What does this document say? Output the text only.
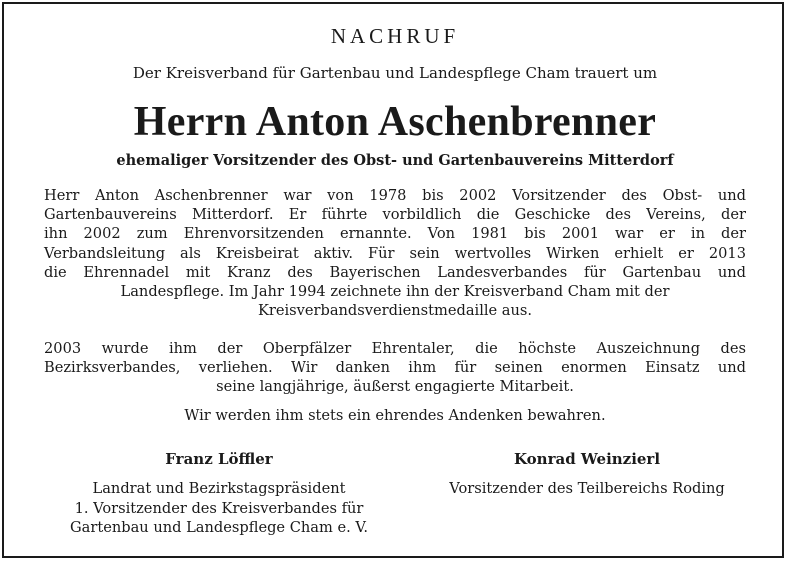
NACHRUF
Der Kreisverband für Gartenbau und Landespflege Cham trauert um
Herrn Anton Aschenbrenner
ehemaliger Vorsitzender des Obst- und Gartenbauvereins Mitterdorf
Herr Anton Aschenbrenner war von 1978 bis 2002 Vorsitzender des Obst- und
Gartenbauvereins Mitterdorf. Er führte vorbildlich die Geschicke des Vereins, der
ihn 2002 zum Ehrenvorsitzenden ernannte. Von 1981 bis 2001 war er in der
Verbandsleitung als Kreisbeirat aktiv. Für sein wertvolles Wirken erhielt er 2013
die Ehrennadel mit Kranz des Bayerischen Landesverbandes für Gartenbau und
Landespflege. Im Jahr 1994 zeichnete ihn der Kreisverband Cham mit der
Kreisverbandsverdienstmedaille aus.
2003 wurde ihm der Oberpfälzer Ehrentaler, die höchste Auszeichnung des
Bezirksverbandes, verliehen. Wir danken ihm für seinen enormen Einsatz und
seine langjährige, äußerst engagierte Mitarbeit.
Wir werden ihm stets ein ehrendes Andenken bewahren.
Franz Löffler
Landrat und Bezirkstagspräsident
1. Vorsitzender des Kreisverbandes für
Gartenbau und Landespflege Cham e. V.
Konrad Weinzierl
Vorsitzender des Teilbereichs Roding
